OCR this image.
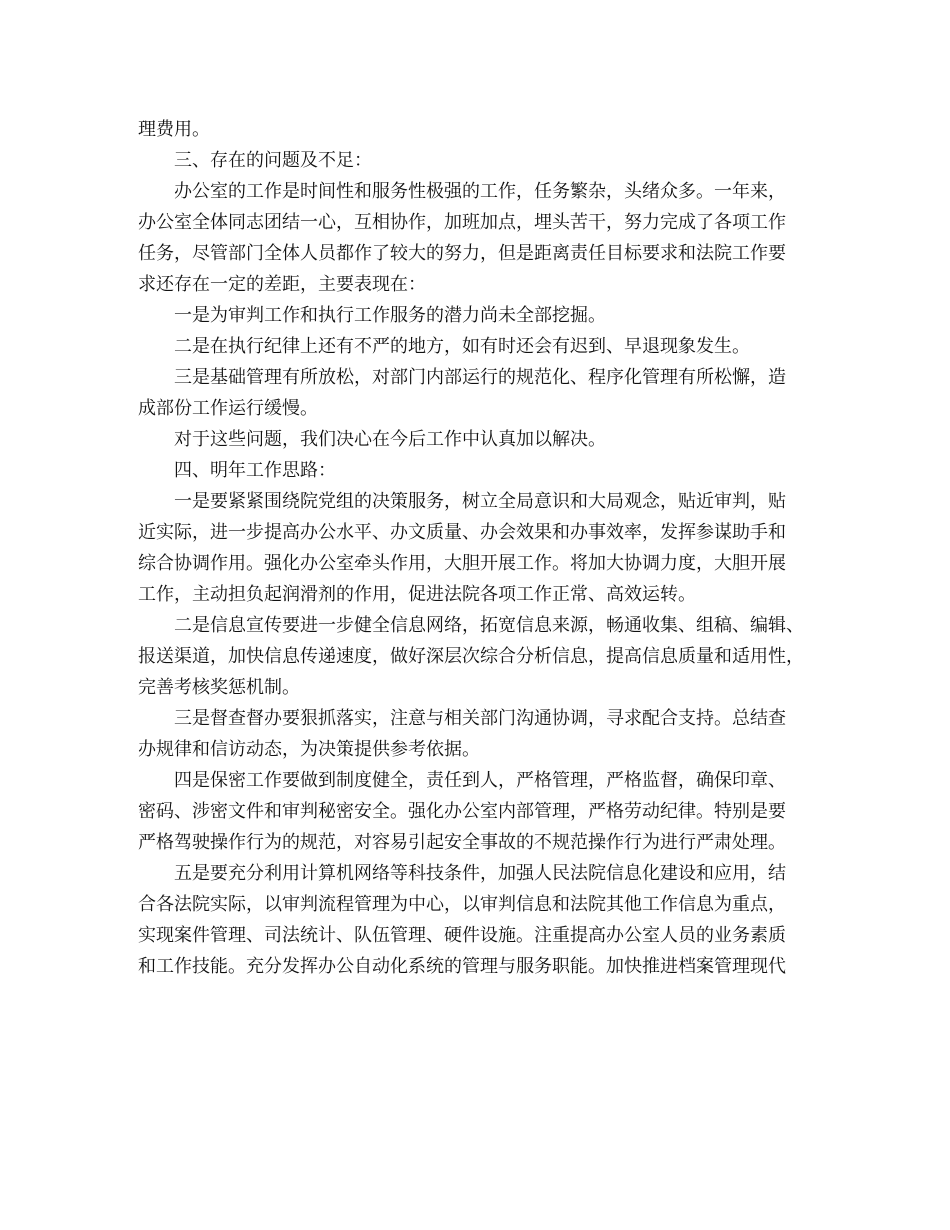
理费用。
三、存在的问题及不足：
办公室的工作是时间性和服务性极强的工作，任务繁杂，头绪众多。一年来，
办公室全体同志团结一心，互相协作，加班加点，埋头苦干，努力完成了各项工作
任务，尽管部门全体人员都作了较大的努力，但是距离责任目标要求和法院工作要
求还存在一定的差距，主要表现在：
一是为审判工作和执行工作服务的潜力尚未全部挖掘。
二是在执行纪律上还有不严的地方，如有时还会有迟到、早退现象发生。
三是基础管理有所放松，对部门内部运行的规范化、程序化管理有所松懈，造
成部份工作运行缓慢。
对于这些问题，我们决心在今后工作中认真加以解决。
四、明年工作思路：
一是要紧紧围绕院党组的决策服务，树立全局意识和大局观念，贴近审判，贴
近实际，进一步提高办公水平、办文质量、办会效果和办事效率，发挥参谋助手和
综合协调作用。强化办公室牵头作用，大胆开展工作。将加大协调力度，大胆开展
工作，主动担负起润滑剂的作用，促进法院各项工作正常、高效运转。
二是信息宣传要进一步健全信息网络，拓宽信息来源，畅通收集、组稿、编辑、
报送渠道，加快信息传递速度，做好深层次综合分析信息，提高信息质量和适用性，
完善考核奖惩机制。
三是督查督办要狠抓落实，注意与相关部门沟通协调，寻求配合支持。总结查
办规律和信访动态，为决策提供参考依据。
四是保密工作要做到制度健全，责任到人，严格管理，严格监督，确保印章、
密码、涉密文件和审判秘密安全。强化办公室内部管理，严格劳动纪律。特别是要
严格驾驶操作行为的规范，对容易引起安全事故的不规范操作行为进行严肃处理。
五是要充分利用计算机网络等科技条件，加强人民法院信息化建设和应用，结
合各法院实际，以审判流程管理为中心，以审判信息和法院其他工作信息为重点，
实现案件管理、司法统计、队伍管理、硬件设施。注重提高办公室人员的业务素质
和工作技能。充分发挥办公自动化系统的管理与服务职能。加快推进档案管理现代
